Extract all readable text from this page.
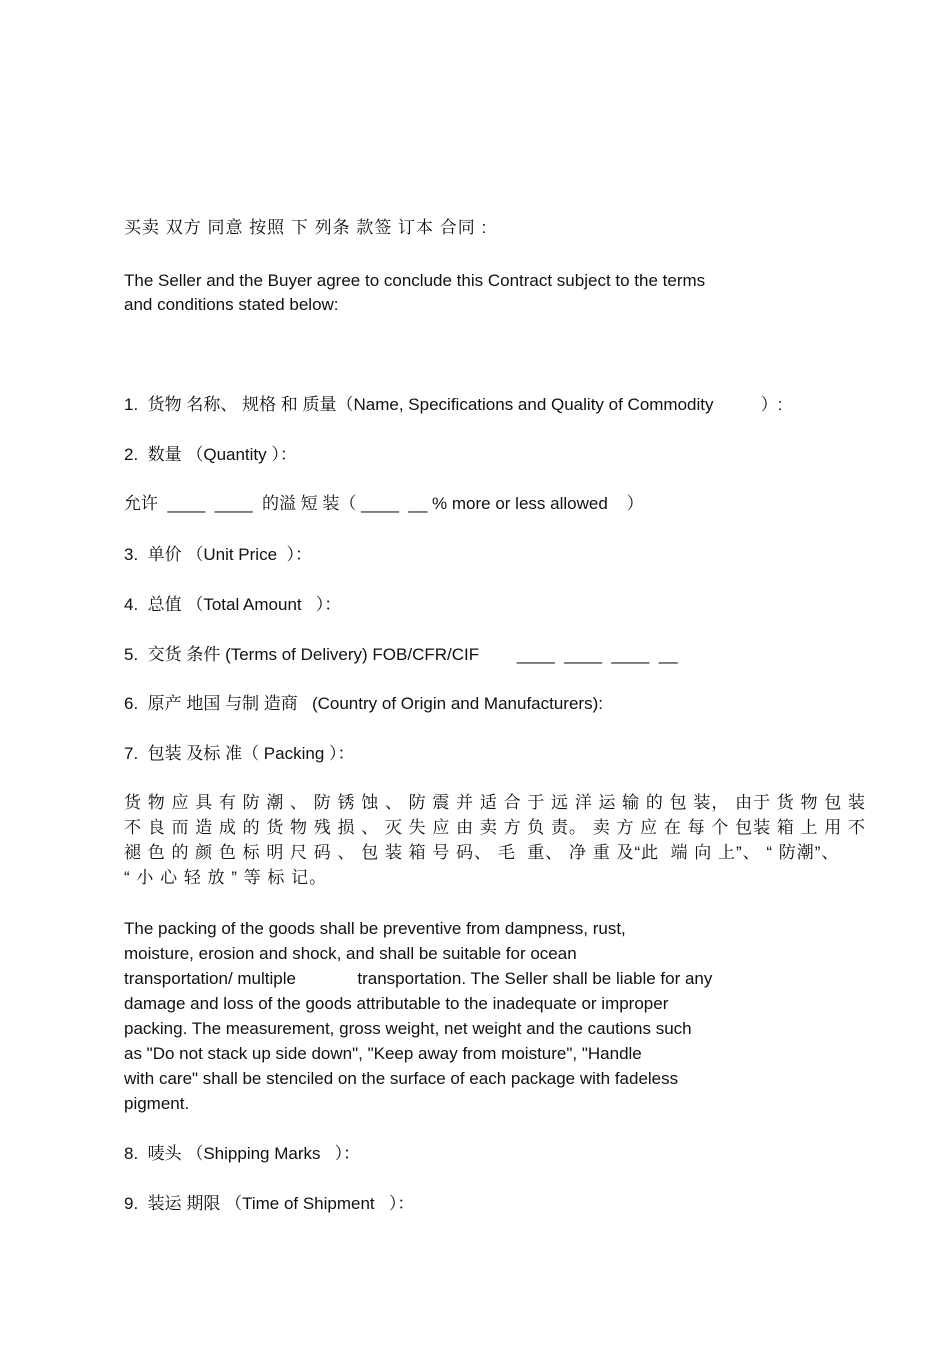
买卖 双方 同意 按照 下 列条 款签 订本 合同 :
The Seller and the Buyer agree to conclude this Contract subject to the terms
and conditions stated below:
1.  货物 名称、 规格 和 质量（Name, Specifications and Quality of Commodity          ）:
2.  数量 （Quantity ）：
允许  ____  ____  的溢 短 装（ ____  __ % more or less allowed    ）
3.  单价 （Unit Price  ）：
4.  总值 （Total Amount   ）：
5.  交货 条件 (Terms of Delivery) FOB/CFR/CIF        ____  ____  ____  __
6.  原产 地国 与制 造商   (Country of Origin and Manufacturers):
7.  包装 及标 准（ Packing ）：
货 物 应 具 有 防 潮 、 防 锈 蚀 、 防 震 并 适 合 于 远 洋 运 输 的 包 装， 由于 货 物 包 装
不 良 而 造 成 的 货 物 残 损 、 灭 失 应 由 卖 方 负 责。 卖 方 应 在 每 个 包装 箱 上 用 不
褪 色 的 颜 色 标 明 尺 码 、 包 装 箱 号 码、 毛  重、 净 重 及“此  端 向 上”、 “ 防潮”、
“ 小 心 轻 放 ” 等 标 记。
The packing of the goods shall be preventive from dampness, rust,
moisture, erosion and shock, and shall be suitable for ocean
transportation/ multiple             transportation. The Seller shall be liable for any
damage and loss of the goods attributable to the inadequate or improper
packing. The measurement, gross weight, net weight and the cautions such
as "Do not stack up side down", "Keep away from moisture", "Handle
with care" shall be stenciled on the surface of each package with fadeless
pigment.
8.  唛头 （Shipping Marks   ）：
9.  装运 期限 （Time of Shipment   ）：
